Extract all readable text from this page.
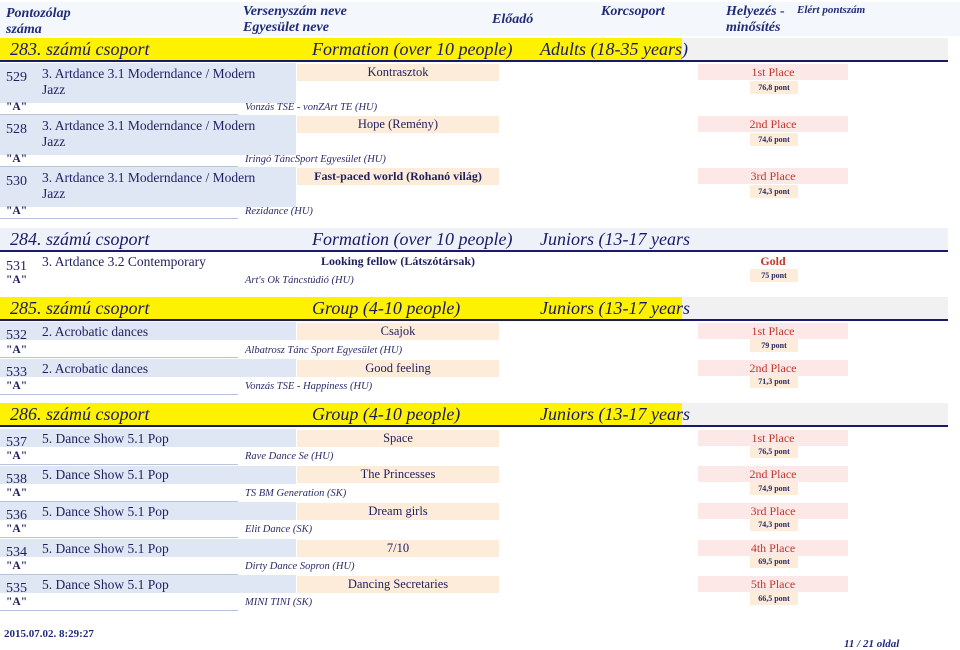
Pontozólap száma
Versenyszám neve
Egyesület neve
Előadó
Korcsoport	Helyezés -
minősítés
Elért pontszám
283. számú csoport	Formation (over 10 people) Adults (18-35 years)
529 3. Artdance 3.1 Moderndance / Modern
Jazz
Kontrasztok	1st Place
76,8 pont
"A"	Vonzás TSE - vonZArt TE (HU)
528 3. Artdance 3.1 Moderndance / Modern
Jazz
Hope (Remény)	2nd Place
74,6 pont
"A"	Iringó TáncSport Egyesület (HU)
530 3. Artdance 3.1 Moderndance / Modern
Jazz
Fast-paced world (Rohanó világ)	3rd Place
74,3 pont
"A"	Rezidance (HU)
284. számú csoport	Formation (over 10 people) Juniors (13-17 years
531 3. Artdance 3.2 Contemporary	Looking fellow (Látszótársak)	Gold
75 pont
"A"	Art's Ok Táncstúdió (HU)
285. számú csoport	Group (4-10 people)	Juniors (13-17 years
532 2. Acrobatic dances	Csajok	1st Place
79 pont
"A"	Albatrosz Tánc Sport Egyesület (HU)
533 2. Acrobatic dances	Good feeling	2nd Place
71,3 pont
"A"	Vonzás TSE - Happiness (HU)
286. számú csoport	Group (4-10 people)	Juniors (13-17 years
537 5. Dance Show 5.1 Pop	Space	1st Place
76,5 pont
"A"	Rave Dance Se (HU)
538 5. Dance Show 5.1 Pop	The Princesses	2nd Place
74,9 pont
"A"	TS BM Generation (SK)
536 5. Dance Show 5.1 Pop	Dream girls	3rd Place
74,3 pont
"A"	Elit Dance (SK)
534 5. Dance Show 5.1 Pop	7/10	4th Place
69,5 pont
"A"	Dirty Dance Sopron (HU)
535 5. Dance Show 5.1 Pop	Dancing Secretaries	5th Place
66,5 pont
"A"	MINI TINI (SK)
2015.07.02. 8:29:27
11 / 21 oldal
